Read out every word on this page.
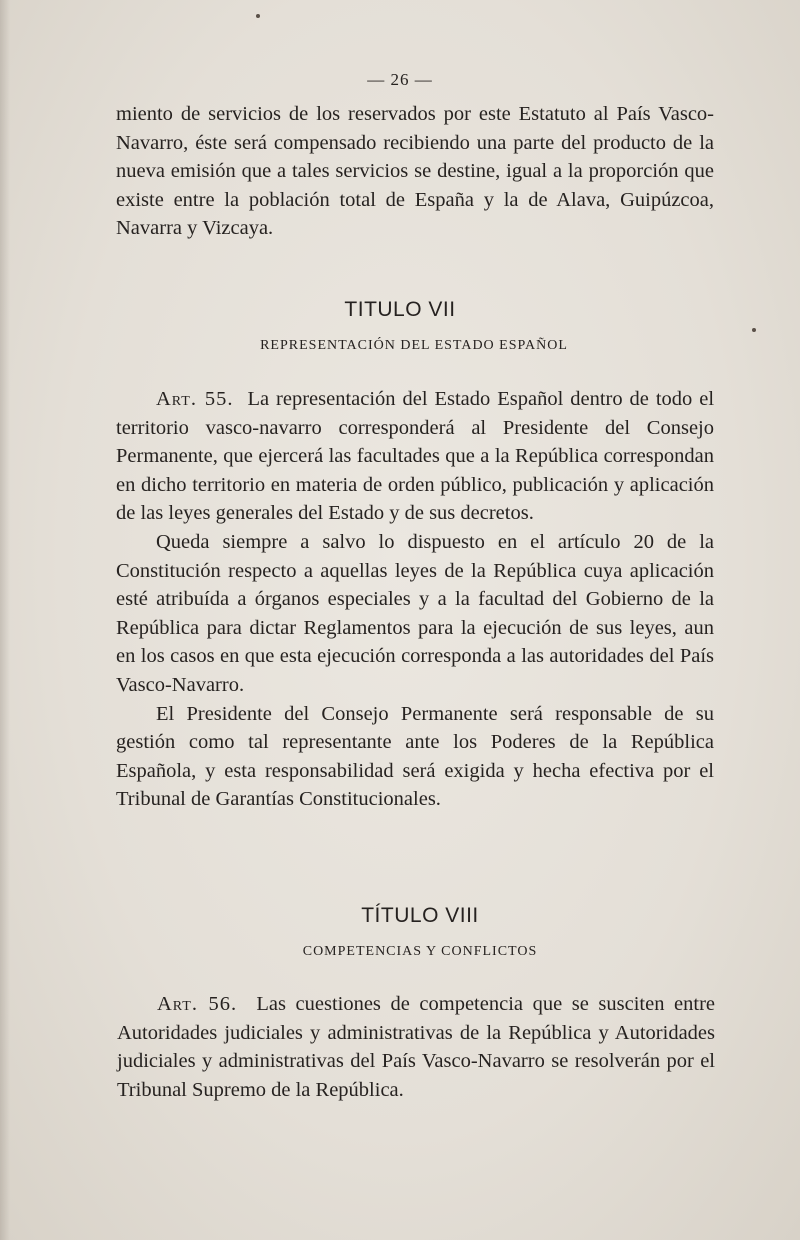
— 26 —

miento de servicios de los reservados por este Estatuto al País Vasco-Navarro, éste será compensado recibiendo una parte del producto de la nueva emisión que a tales servicios se destine, igual a la proporción que existe entre la población total de España y la de Alava, Guipúzcoa, Navarra y Vizcaya.

TITULO VII
REPRESENTACIÓN DEL ESTADO ESPAÑOL

Art. 55. La representación del Estado Español dentro de todo el territorio vasco-navarro corresponderá al Presidente del Consejo Permanente, que ejercerá las facultades que a la República correspondan en dicho territorio en materia de orden público, publicación y aplicación de las leyes generales del Estado y de sus decretos.

Queda siempre a salvo lo dispuesto en el artículo 20 de la Constitución respecto a aquellas leyes de la República cuya aplicación esté atribuída a órganos especiales y a la facultad del Gobierno de la República para dictar Reglamentos para la ejecución de sus leyes, aun en los casos en que esta ejecución corresponda a las autoridades del País Vasco-Navarro.

El Presidente del Consejo Permanente será responsable de su gestión como tal representante ante los Poderes de la República Española, y esta responsabilidad será exigida y hecha efectiva por el Tribunal de Garantías Constitucionales.

TÍTULO VIII
COMPETENCIAS Y CONFLICTOS

Art. 56. Las cuestiones de competencia que se susciten entre Autoridades judiciales y administrativas de la República y Autoridades judiciales y administrativas del País Vasco-Navarro se resolverán por el Tribunal Supremo de la República.
